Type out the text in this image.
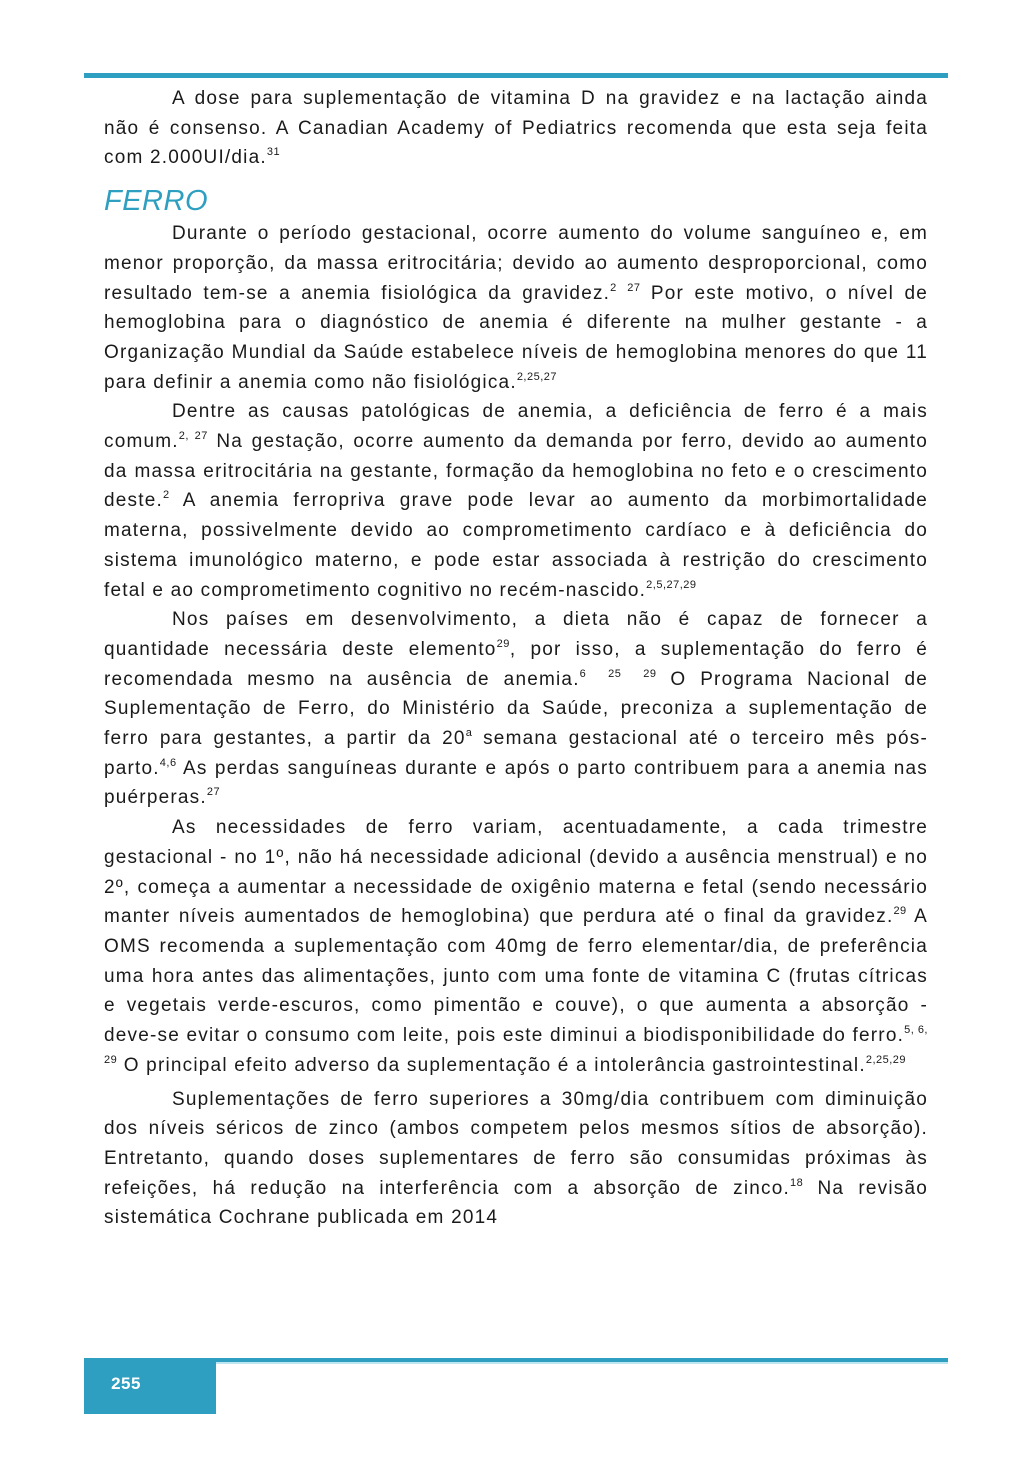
A dose para suplementação de vitamina D na gravidez e na lactação ainda não é consenso. A Canadian Academy of Pediatrics recomenda que esta seja feita com 2.000UI/dia.$^{31}$

FERRO

Durante o período gestacional, ocorre aumento do volume sanguíneo e, em menor proporção, da massa eritrocitária; devido ao aumento desproporcional, como resultado tem-se a anemia fisiológica da gravidez.$^2$ $^{27}$ Por este motivo, o nível de hemoglobina para o diagnóstico de anemia é diferente na mulher gestante - a Organização Mundial da Saúde estabelece níveis de hemoglobina menores do que 11 para definir a anemia como não fisiológica.$^{2,25,27}$

Dentre as causas patológicas de anemia, a deficiência de ferro é a mais comum.$^{2, 27}$ Na gestação, ocorre aumento da demanda por ferro, devido ao aumento da massa eritrocitária na gestante, formação da hemoglobina no feto e o crescimento deste.$^2$ A anemia ferropriva grave pode levar ao aumento da morbimortalidade materna, possivelmente devido ao comprometimento cardíaco e à deficiência do sistema imunológico materno, e pode estar associada à restrição do crescimento fetal e ao comprometimento cognitivo no recém-nascido.$^{2,5,27,29}$

Nos países em desenvolvimento, a dieta não é capaz de fornecer a quantidade necessária deste elemento$^{29}$, por isso, a suplementação do ferro é recomendada mesmo na ausência de anemia.$^{6 25 29}$ O Programa Nacional de Suplementação de Ferro, do Ministério da Saúde, preconiza a suplementação de ferro para gestantes, a partir da 20$^a$ semana gestacional até o terceiro mês pós-parto.$^{4,6}$ As perdas sanguíneas durante e após o parto contribuem para a anemia nas puérperas.$^{27}$

As necessidades de ferro variam, acentuadamente, a cada trimestre gestacional - no 1º, não há necessidade adicional (devido a ausência menstrual) e no 2º, começa a aumentar a necessidade de oxigênio materna e fetal (sendo necessário manter níveis aumentados de hemoglobina) que perdura até o final da gravidez.$^{29}$ A OMS recomenda a suplementação com 40mg de ferro elementar/dia, de preferência uma hora antes das alimentações, junto com uma fonte de vitamina C (frutas cítricas e vegetais verde-escuros, como pimentão e couve), o que aumenta a absorção - deve-se evitar o consumo com leite, pois este diminui a biodisponibilidade do ferro.$^{5, 6, 29}$ O principal efeito adverso da suplementação é a intolerância gastrointestinal.$^{2,25,29}$

Suplementações de ferro superiores a 30mg/dia contribuem com diminuição dos níveis séricos de zinco (ambos competem pelos mesmos sítios de absorção). Entretanto, quando doses suplementares de ferro são consumidas próximas às refeições, há redução na interferência com a absorção de zinco.$^{18}$ Na revisão sistemática Cochrane publicada em 2014

255
